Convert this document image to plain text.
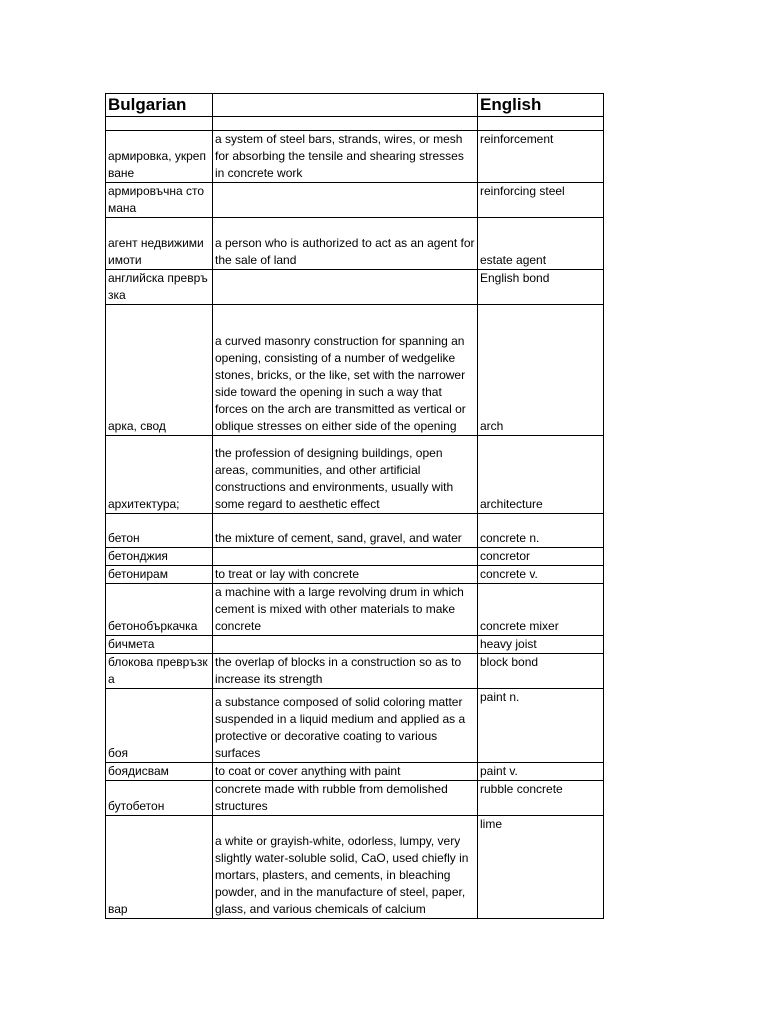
Bulgarian		English

армировка, укрепване	a system of steel bars, strands, wires, or mesh for absorbing the tensile and shearing stresses in concrete work	reinforcement
армировъчна стомана		reinforcing steel
агент недвижими имоти	a person who is authorized to act as an agent for the sale of land	estate agent
английска превръзка		English bond
арка, свод	a curved masonry construction for spanning an opening, consisting of a number of wedgelike stones, bricks, or the like, set with the narrower side toward the opening in such a way that forces on the arch are transmitted as vertical or oblique stresses on either side of the opening	arch
архитектура;	the profession of designing buildings, open areas, communities, and other artificial constructions and environments, usually with some regard to aesthetic effect	architecture
бетон	the mixture of cement, sand, gravel, and water	concrete n.
бетонджия		concretor
бетонирам	to treat or lay with concrete	concrete v.
бетонобъркачка	a machine with a large revolving drum in which cement is mixed with other materials to make concrete	concrete mixer
бичмета		heavy joist
блокова превръзка	the overlap of blocks in a construction so as to increase its strength	block bond
боя	a substance composed of solid coloring matter suspended in a liquid medium and applied as a protective or decorative coating to various surfaces	paint n.
боядисвам	to coat or cover anything with paint	paint v.
бутобетон	concrete made with rubble from demolished structures	rubble concrete
вар	a white or grayish-white, odorless, lumpy, very slightly water-soluble solid, CaO, used chiefly in mortars, plasters, and cements, in bleaching powder, and in the manufacture of steel, paper, glass, and various chemicals of calcium	lime
